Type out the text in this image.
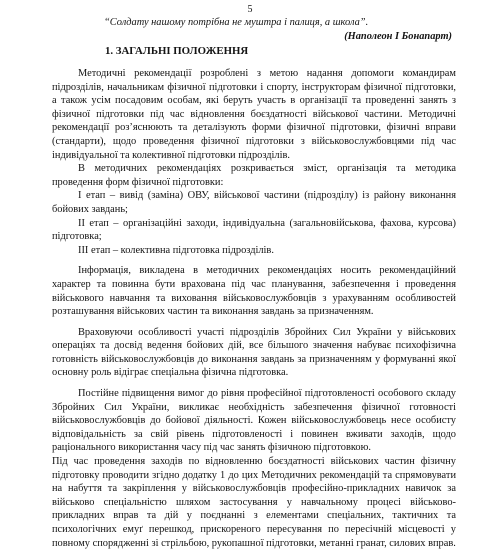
5
“Солдату нашому потрібна не муштра і палиця, а школа”.
(Наполеон І Бонапарт)
1. ЗАГАЛЬНІ ПОЛОЖЕННЯ

Методичні рекомендації розроблені з метою надання допомоги командирам підрозділів, начальникам фізичної підготовки і спорту, інструкторам фізичної підготовки, а також усім посадовим особам, які беруть участь в організації та проведенні занять з фізичної підготовки під час відновлення боєздатності військової частини. Методичні рекомендації роз’яснюють та деталізують форми фізичної підготовки, фізичні вправи (стандарти), щодо проведення фізичної підготовки з військовослужбовцями під час індивідуальної та колективної підготовки підрозділів.

В методичних рекомендаціях розкривається зміст, організація та методика проведення форм фізичної підготовки:

І етап – вивід (заміна) ОВУ, військової частини (підрозділу) із району виконання бойових завдань;

ІІ етап – організаційні заходи, індивідуальна (загальновійськова, фахова, курсова) підготовка;

ІІІ етап – колективна підготовка підрозділів.

Інформація, викладена в методичних рекомендаціях носить рекомендаційний характер та повинна бути врахована під час планування, забезпечення і проведення військового навчання та виховання військовослужбовців з урахуванням особливостей розташування військових частин та виконання завдань за призначенням.

Враховуючи особливості участі підрозділів Збройних Сил України у військових операціях та досвід ведення бойових дій, все більшого значення набуває психофізична готовність військовослужбовців до виконання завдань за призначенням у формуванні якої основну роль відіграє спеціальна фізична підготовка.

Постійне підвищення вимог до рівня професійної підготовленості особового складу Збройних Сил України, викликає необхідність забезпечення фізичної готовності військовослужбовців до бойової діяльності. Кожен військовослужбовець несе особисту відповідальність за свій рівень підготовленості і повинен вживати заходів, щодо раціонального використання часу під час занять фізичною підготовкою.

Під час проведення заходів по відновленню боєздатності військових частин фізичну підготовку проводити згідно додатку 1 до цих Методичних рекомендацій та спрямовувати на набуття та закріплення у військовослужбовців професійно-прикладних навичок за військово спеціальністю шляхом застосування у навчальному процесі військово-прикладних вправ та дій у поєднанні з елементами спеціальних, тактичних та психологічних емуґ перешкод, прискореного пересування по пересічній місцевості у повному спорядженні зі стрільбою, рукопашної підготовки, метанні гранат, силових вправ.
